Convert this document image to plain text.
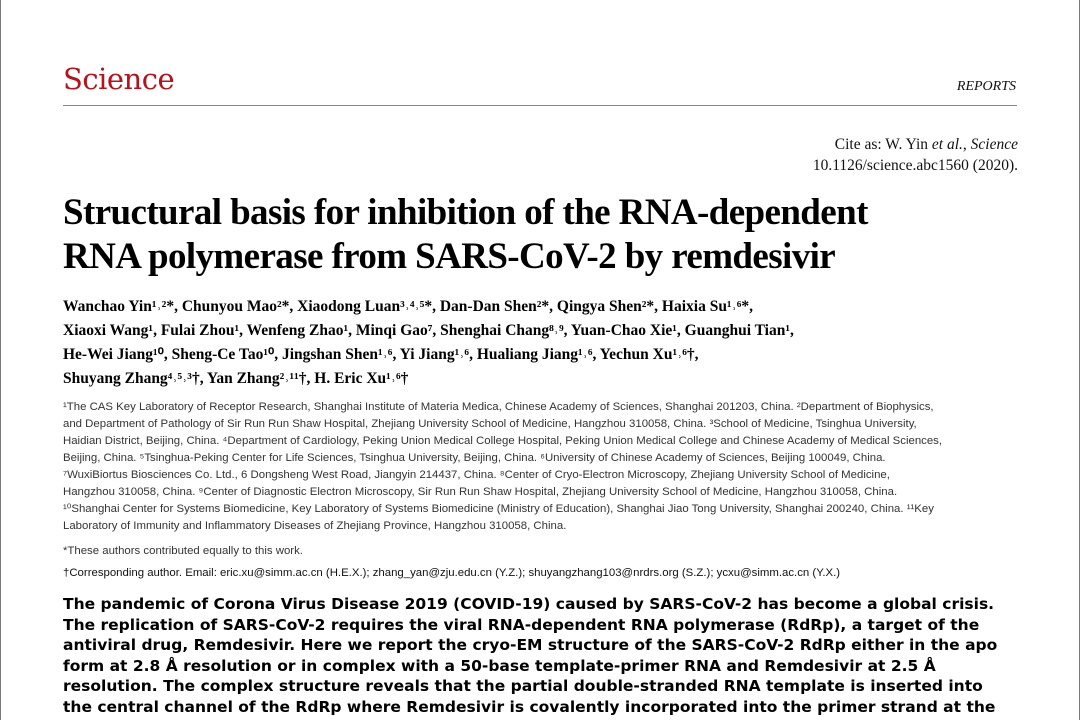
Science	REPORTS
Cite as: W. Yin et al., Science
10.1126/science.abc1560 (2020).
Structural basis for inhibition of the RNA-dependent
RNA polymerase from SARS-CoV-2 by remdesivir
Wanchao Yin¹˒²*, Chunyou Mao²*, Xiaodong Luan³˒⁴˒⁵*, Dan-Dan Shen²*, Qingya Shen²*, Haixia Su¹˒⁶*,
Xiaoxi Wang¹, Fulai Zhou¹, Wenfeng Zhao¹, Minqi Gao⁷, Shenghai Chang⁸˒⁹, Yuan-Chao Xie¹, Guanghui Tian¹,
He-Wei Jiang¹⁰, Sheng-Ce Tao¹⁰, Jingshan Shen¹˒⁶, Yi Jiang¹˒⁶, Hualiang Jiang¹˒⁶, Yechun Xu¹˒⁶†,
Shuyang Zhang⁴˒⁵˒³†, Yan Zhang²˒¹¹†, H. Eric Xu¹˒⁶†
¹The CAS Key Laboratory of Receptor Research, Shanghai Institute of Materia Medica, Chinese Academy of Sciences, Shanghai 201203, China. ²Department of Biophysics,
and Department of Pathology of Sir Run Run Shaw Hospital, Zhejiang University School of Medicine, Hangzhou 310058, China. ³School of Medicine, Tsinghua University,
Haidian District, Beijing, China. ⁴Department of Cardiology, Peking Union Medical College Hospital, Peking Union Medical College and Chinese Academy of Medical Sciences,
Beijing, China. ⁵Tsinghua-Peking Center for Life Sciences, Tsinghua University, Beijing, China. ⁶University of Chinese Academy of Sciences, Beijing 100049, China.
⁷WuxiBiortus Biosciences Co. Ltd., 6 Dongsheng West Road, Jiangyin 214437, China. ⁸Center of Cryo-Electron Microscopy, Zhejiang University School of Medicine,
Hangzhou 310058, China. ⁹Center of Diagnostic Electron Microscopy, Sir Run Run Shaw Hospital, Zhejiang University School of Medicine, Hangzhou 310058, China.
¹⁰Shanghai Center for Systems Biomedicine, Key Laboratory of Systems Biomedicine (Ministry of Education), Shanghai Jiao Tong University, Shanghai 200240, China. ¹¹Key
Laboratory of Immunity and Inflammatory Diseases of Zhejiang Province, Hangzhou 310058, China.
*These authors contributed equally to this work.
†Corresponding author. Email: eric.xu@simm.ac.cn (H.E.X.); zhang_yan@zju.edu.cn (Y.Z.); shuyangzhang103@nrdrs.org (S.Z.); ycxu@simm.ac.cn (Y.X.)
The pandemic of Corona Virus Disease 2019 (COVID-19) caused by SARS-CoV-2 has become a global crisis.
The replication of SARS-CoV-2 requires the viral RNA-dependent RNA polymerase (RdRp), a target of the
antiviral drug, Remdesivir. Here we report the cryo-EM structure of the SARS-CoV-2 RdRp either in the apo
form at 2.8 Å resolution or in complex with a 50-base template-primer RNA and Remdesivir at 2.5 Å
resolution. The complex structure reveals that the partial double-stranded RNA template is inserted into
the central channel of the RdRp where Remdesivir is covalently incorporated into the primer strand at the
